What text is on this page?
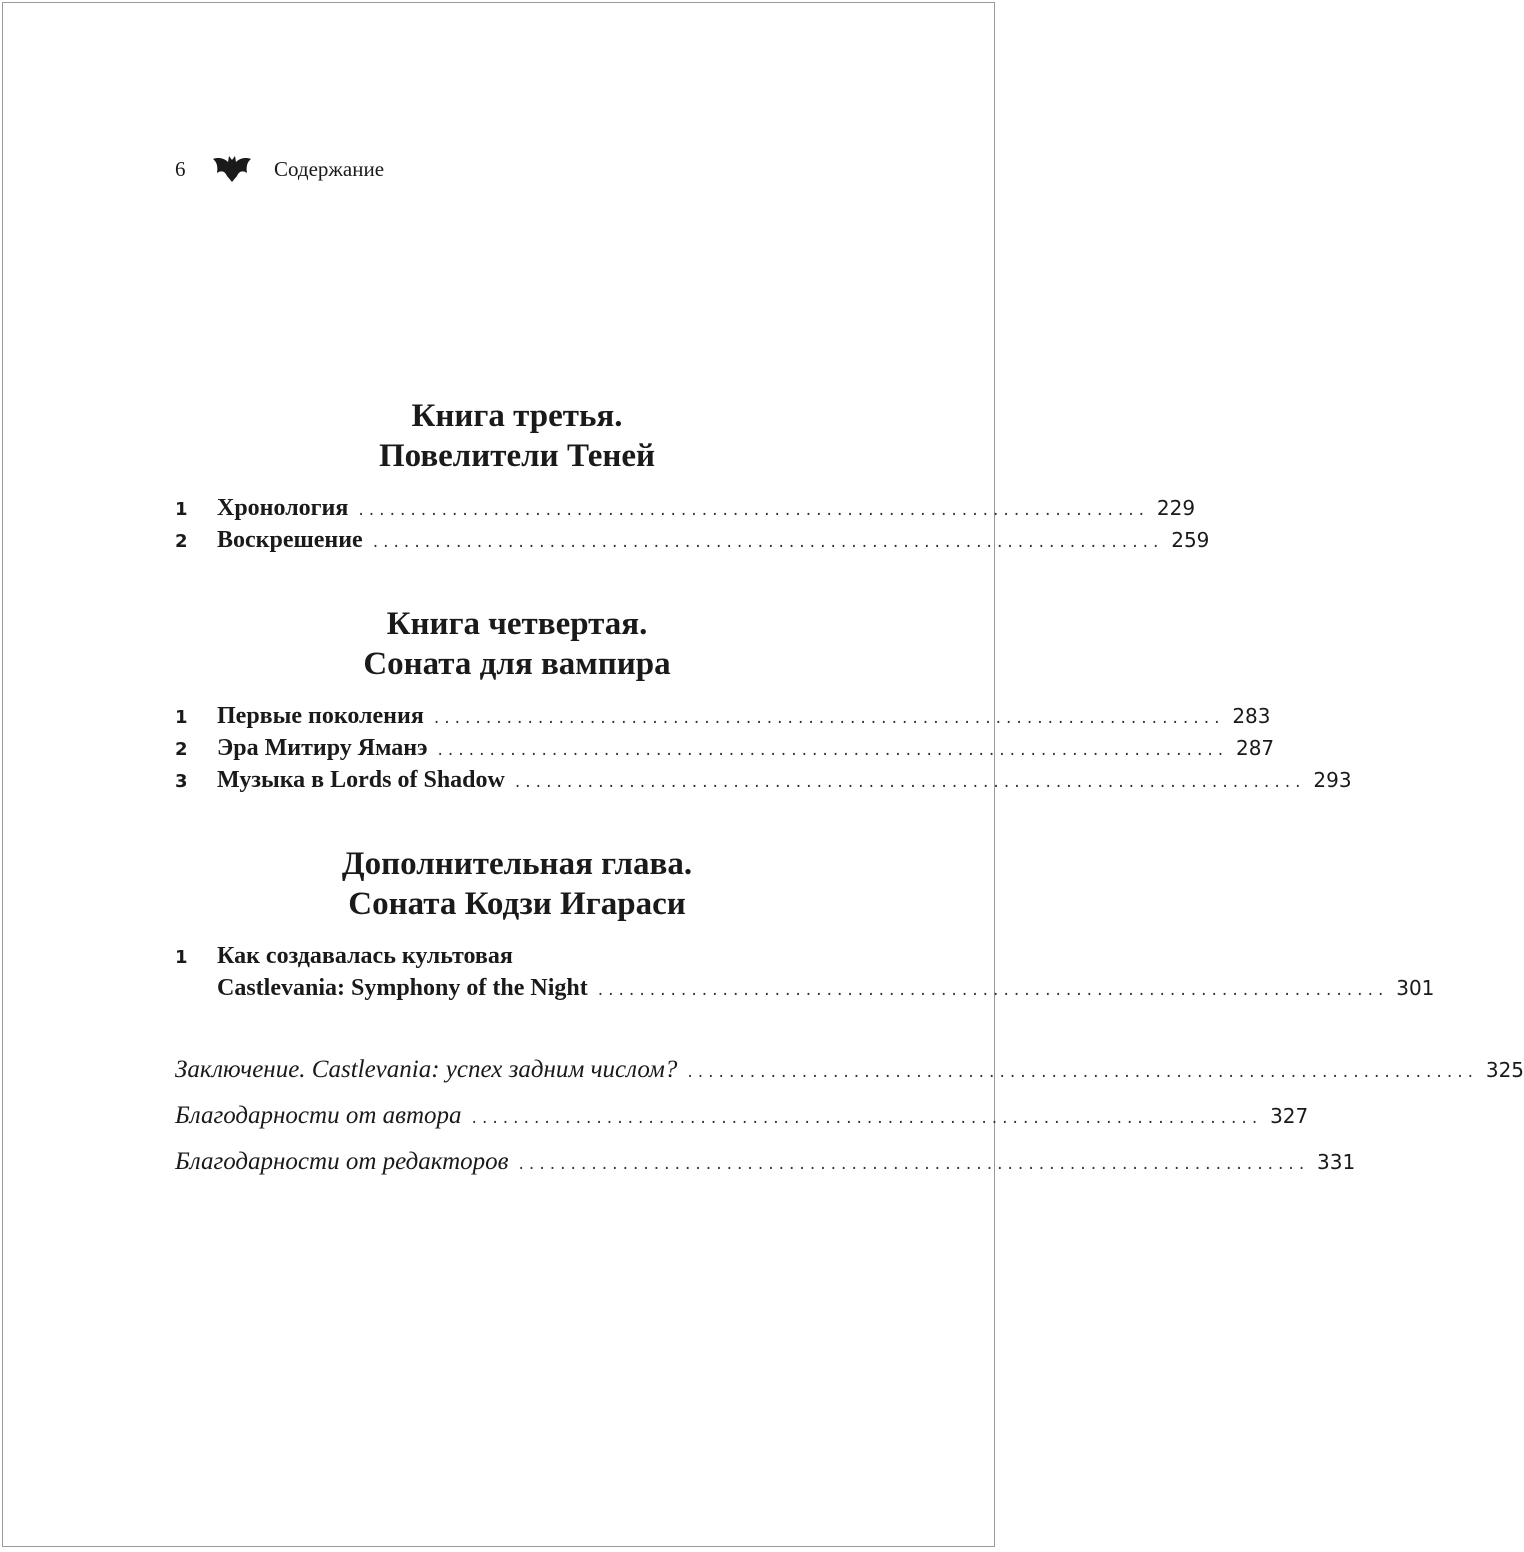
6	Содержание
Книга третья.
Повелители Теней
1	Хронология ............................................................................ 229
2	Воскрешение ............................................................................ 259
Книга четвертая.
Соната для вампира
1	Первые поколения ............................................................................ 283
2	Эра Митиру Яманэ ............................................................................ 287
3	Музыка в Lords of Shadow ............................................................................ 293
Дополнительная глава.
Соната Кодзи Игараси
1	Как создавалась культовая
Castlevania: Symphony of the Night ............................................................................ 301
Заключение. Castlevania: успех задним числом? ............................................................................ 325
Благодарности от автора ............................................................................ 327
Благодарности от редакторов ............................................................................ 331
